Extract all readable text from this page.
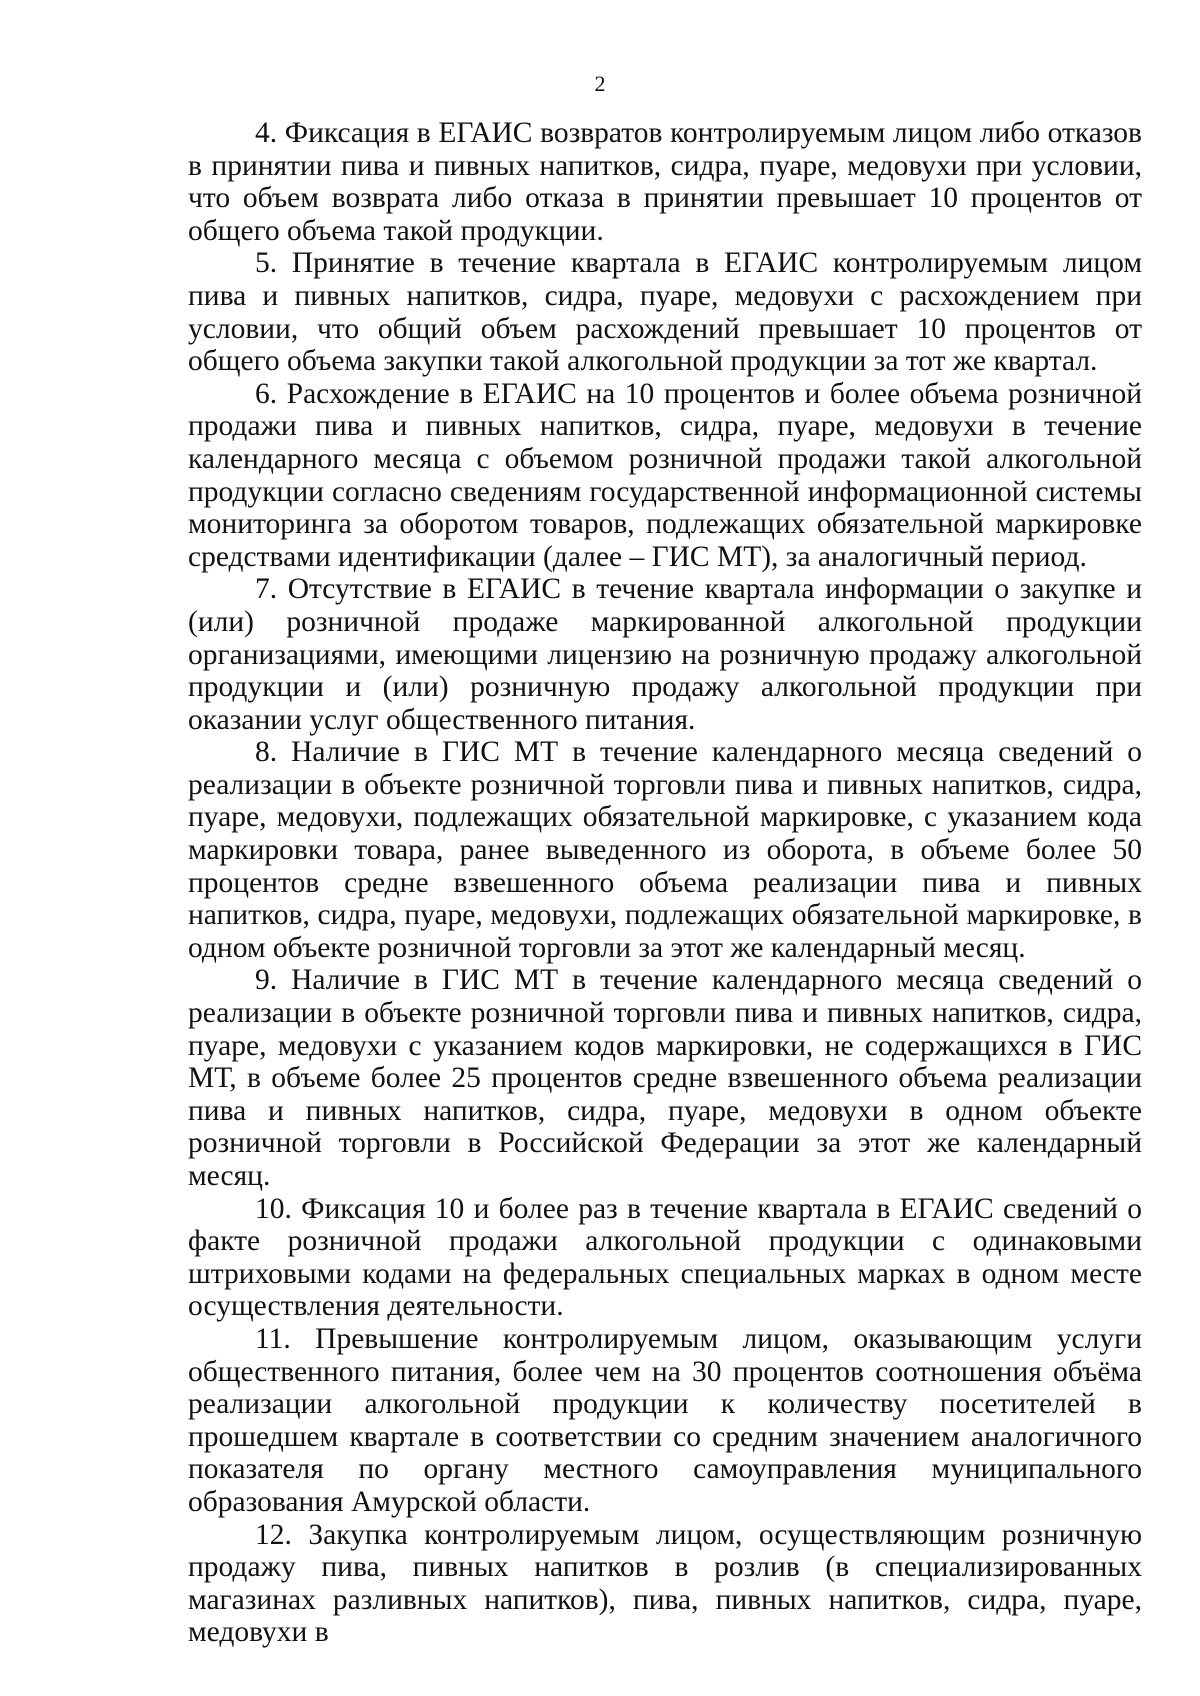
2

4. Фиксация в ЕГАИС возвратов контролируемым лицом либо отказов в принятии пива и пивных напитков, сидра, пуаре, медовухи при условии, что объем возврата либо отказа в принятии превышает 10 процентов от общего объема такой продукции.

5. Принятие в течение квартала в ЕГАИС контролируемым лицом пива и пивных напитков, сидра, пуаре, медовухи с расхождением при условии, что общий объем расхождений превышает 10 процентов от общего объема закупки такой алкогольной продукции за тот же квартал.

6. Расхождение в ЕГАИС на 10 процентов и более объема розничной продажи пива и пивных напитков, сидра, пуаре, медовухи в течение календарного месяца с объемом розничной продажи такой алкогольной продукции согласно сведениям государственной информационной системы мониторинга за оборотом товаров, подлежащих обязательной маркировке средствами идентификации (далее – ГИС МТ), за аналогичный период.

7. Отсутствие в ЕГАИС в течение квартала информации о закупке и (или) розничной продаже маркированной алкогольной продукции организациями, имеющими лицензию на розничную продажу алкогольной продукции и (или) розничную продажу алкогольной продукции при оказании услуг общественного питания.

8. Наличие в ГИС МТ в течение календарного месяца сведений о реализации в объекте розничной торговли пива и пивных напитков, сидра, пуаре, медовухи, подлежащих обязательной маркировке, с указанием кода маркировки товара, ранее выведенного из оборота, в объеме более 50 процентов средне взвешенного объема реализации пива и пивных напитков, сидра, пуаре, медовухи, подлежащих обязательной маркировке, в одном объекте розничной торговли за этот же календарный месяц.

9. Наличие в ГИС МТ в течение календарного месяца сведений о реализации в объекте розничной торговли пива и пивных напитков, сидра, пуаре, медовухи с указанием кодов маркировки, не содержащихся в ГИС МТ, в объеме более 25 процентов средне взвешенного объема реализации пива и пивных напитков, сидра, пуаре, медовухи в одном объекте розничной торговли в Российской Федерации за этот же календарный месяц.

10. Фиксация 10 и более раз в течение квартала в ЕГАИС сведений о факте розничной продажи алкогольной продукции с одинаковыми штриховыми кодами на федеральных специальных марках в одном месте осуществления деятельности.

11. Превышение контролируемым лицом, оказывающим услуги общественного питания, более чем на 30 процентов соотношения объёма реализации алкогольной продукции к количеству посетителей в прошедшем квартале в соответствии со средним значением аналогичного показателя по органу местного самоуправления муниципального образования Амурской области.

12. Закупка контролируемым лицом, осуществляющим розничную продажу пива, пивных напитков в розлив (в специализированных магазинах разливных напитков), пива, пивных напитков, сидра, пуаре, медовухи в
